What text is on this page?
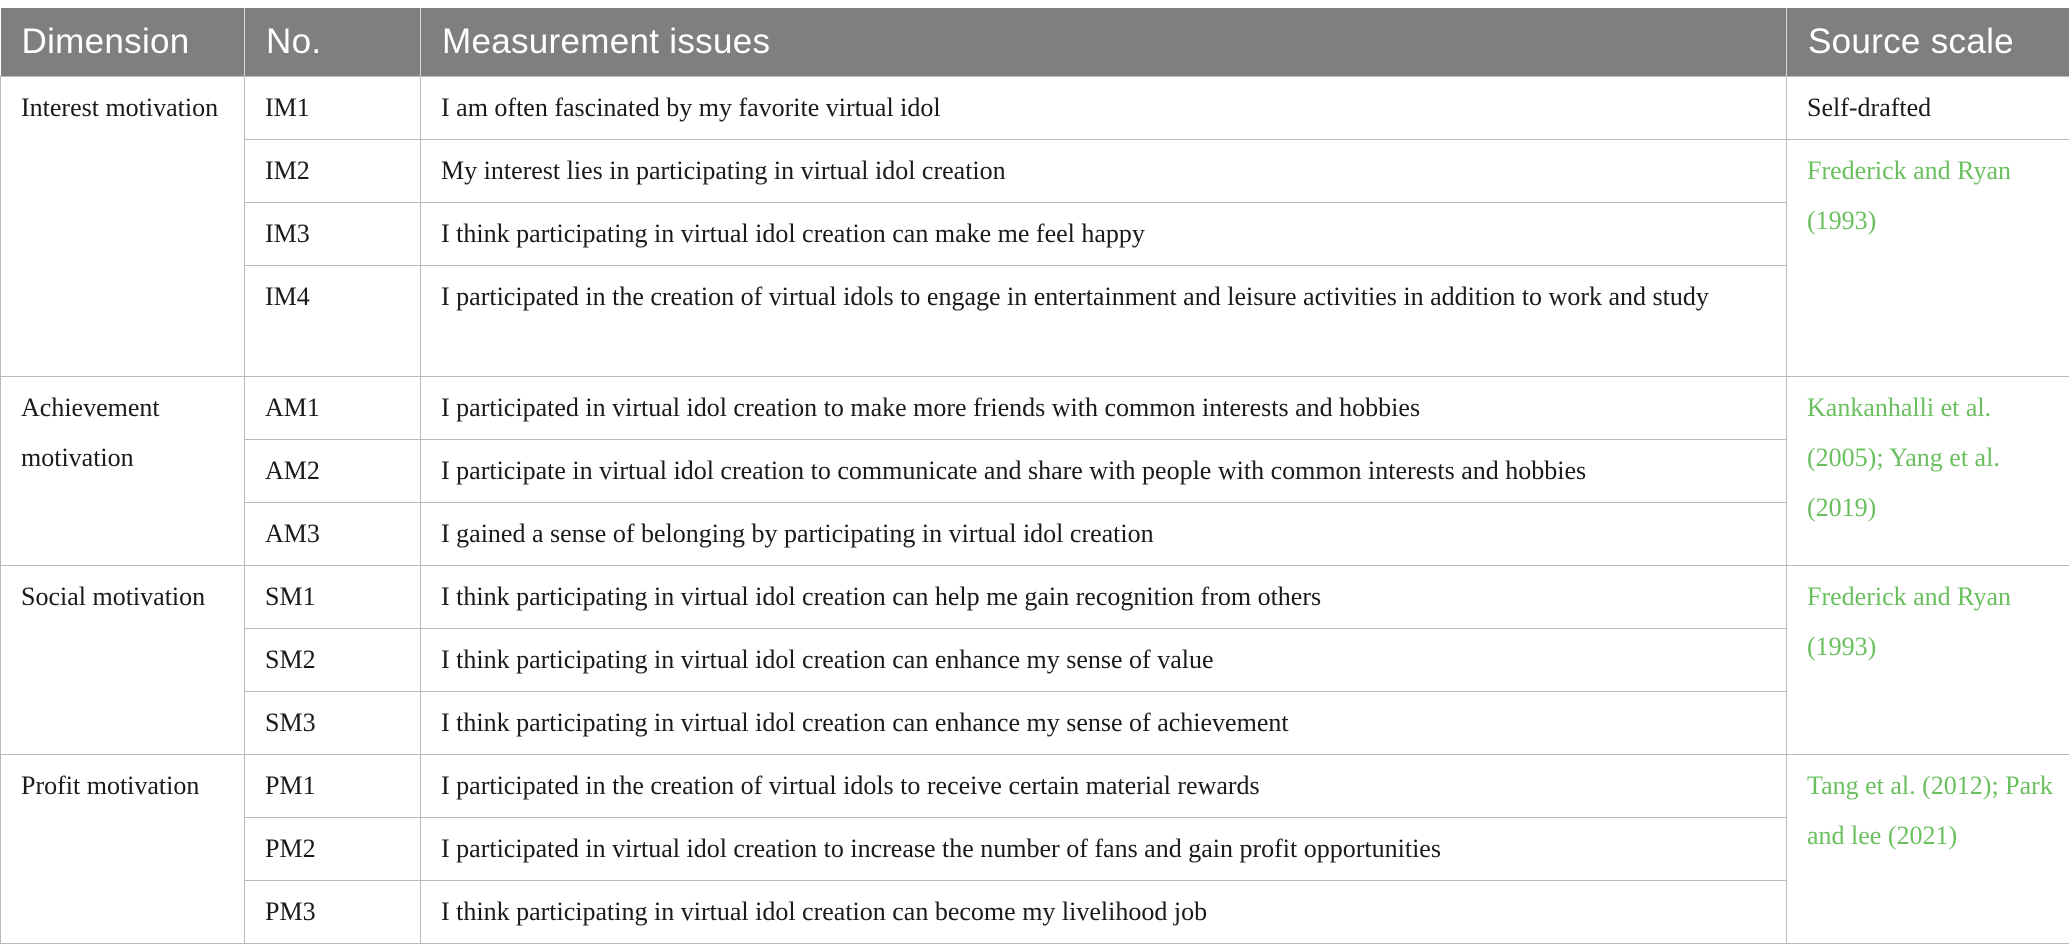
Dimension	No.	Measurement issues	Source scale
Interest motivation	IM1	I am often fascinated by my favorite virtual idol	Self-drafted
	IM2	My interest lies in participating in virtual idol creation	Frederick and Ryan (1993)
	IM3	I think participating in virtual idol creation can make me feel happy	
	IM4	I participated in the creation of virtual idols to engage in entertainment and leisure activities in addition to work and study	
Achievement motivation	AM1	I participated in virtual idol creation to make more friends with common interests and hobbies	Kankanhalli et al. (2005); Yang et al. (2019)
	AM2	I participate in virtual idol creation to communicate and share with people with common interests and hobbies	
	AM3	I gained a sense of belonging by participating in virtual idol creation	
Social motivation	SM1	I think participating in virtual idol creation can help me gain recognition from others	Frederick and Ryan (1993)
	SM2	I think participating in virtual idol creation can enhance my sense of value	
	SM3	I think participating in virtual idol creation can enhance my sense of achievement	
Profit motivation	PM1	I participated in the creation of virtual idols to receive certain material rewards	Tang et al. (2012); Park and lee (2021)
	PM2	I participated in virtual idol creation to increase the number of fans and gain profit opportunities	
	PM3	I think participating in virtual idol creation can become my livelihood job	
